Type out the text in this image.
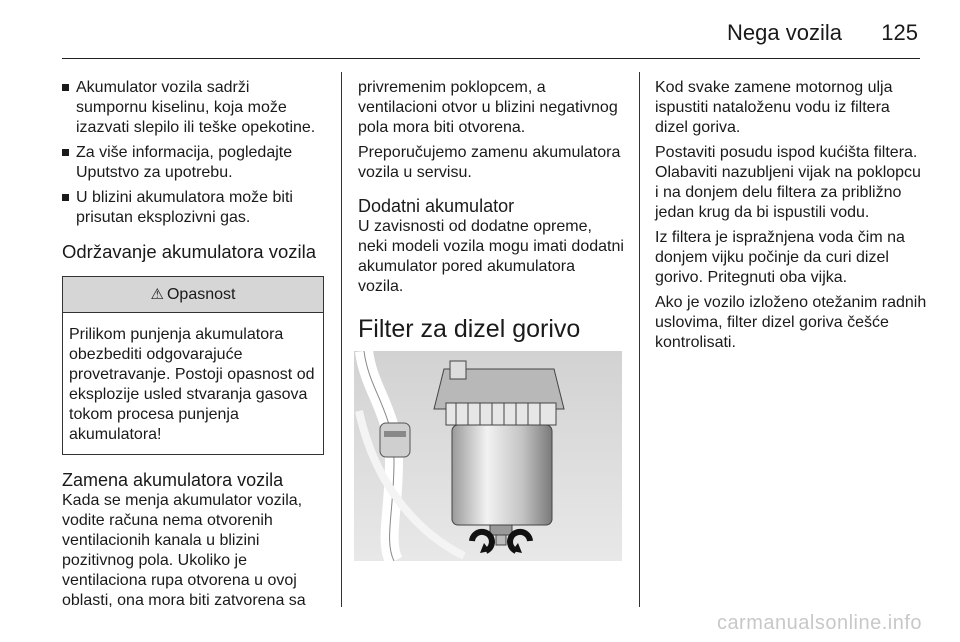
Nega vozila 125
Akumulator vozila sadrži sumpornu kiselinu, koja može izazvati slepilo ili teške opekotine.
Za više informacija, pogledajte Uputstvo za upotrebu.
U blizini akumulatora može biti prisutan eksplozivni gas.
Održavanje akumulatora vozila
⚠ Opasnost
Prilikom punjenja akumulatora obezbediti odgovarajuće provetravanje. Postoji opasnost od eksplozije usled stvaranja gasova tokom procesa punjenja akumulatora!
Zamena akumulatora vozila

Kada se menja akumulator vozila, vodite računa nema otvorenih ventilacionih kanala u blizini pozitivnog pola. Ukoliko je ventilaciona rupa otvorena u ovoj oblasti, ona mora biti zatvorena sa

privremenim poklopcem, a ventilacioni otvor u blizini negativnog pola mora biti otvorena.

Preporučujemo zamenu akumulatora vozila u servisu.

Dodatni akumulator

U zavisnosti od dodatne opreme, neki modeli vozila mogu imati dodatni akumulator pored akumulatora vozila.

Filter za dizel gorivo

Kod svake zamene motornog ulja ispustiti nataloženu vodu iz filtera dizel goriva.

Postaviti posudu ispod kućišta filtera. Olabaviti nazubljeni vijak na poklopcu i na donjem delu filtera za približno jedan krug da bi ispustili vodu.

Iz filtera je ispražnjena voda čim na donjem vijku počinje da curi dizel gorivo. Pritegnuti oba vijka.

Ako je vozilo izloženo otežanim radnih uslovima, filter dizel goriva češće kontrolisati.

carmanualsonline.info
